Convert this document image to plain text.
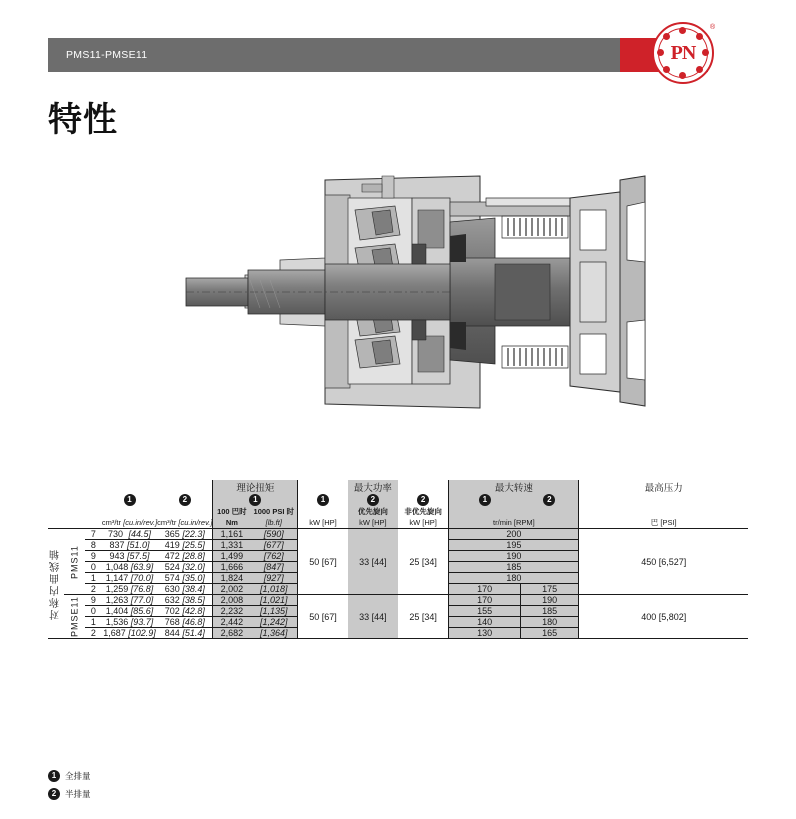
PMS11-PMSE11	PN
®
特性
					理论扭矩			最大功率		最大转速		最高压力
			1	2	1		1	2	2	1	2	
					100 巴时	1000 PSI 时		优先旋向	非优先旋向			
			cm³/tr [cu.in/rev.]	cm³/tr [cu.in/rev.]	Nm	[lb.ft]	kW [HP]	kW [HP]	kW [HP]	tr/min [RPM]		巴 [PSI]
对称内曲线轴	PMS11	7	730 [44.5]	365 [22.3]	1,161	[590]	50 [67]	33 [44]	25 [34]	200		450 [6,527]
		8	837 [51.0]	419 [25.5]	1,331	[677]				195		
		9	943 [57.5]	472 [28.8]	1,499	[762]				190		
		0	1,048 [63.9]	524 [32.0]	1,666	[847]				185		
		1	1,147 [70.0]	574 [35.0]	1,824	[927]				180		
		2	1,259 [76.8]	630 [38.4]	2,002	[1,018]				170	175	
	PMSE11	9	1,263 [77.0]	632 [38.5]	2,008	[1,021]	50 [67]	33 [44]	25 [34]	170	190	400 [5,802]
		0	1,404 [85.6]	702 [42.8]	2,232	[1,135]				155	185	
		1	1,536 [93.7]	768 [46.8]	2,442	[1,242]				140	180	
		2	1,687 [102.9]	844 [51.4]	2,682	[1,364]				130	165	

1	全排量
2	半排量
